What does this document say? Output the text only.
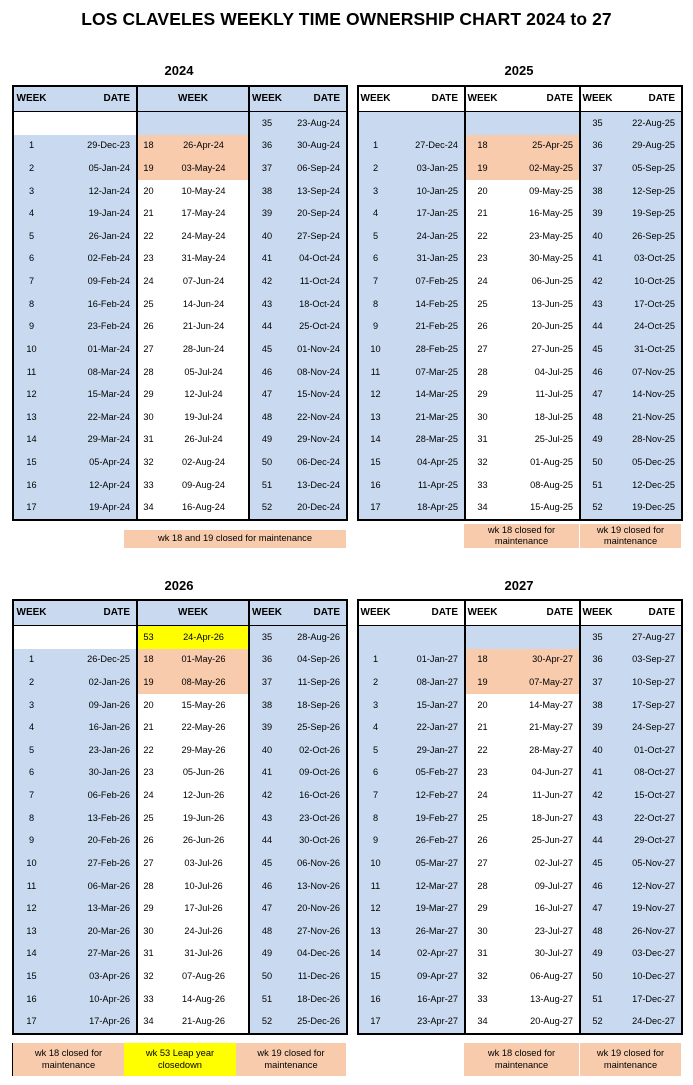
LOS CLAVELES WEEKLY TIME OWNERSHIP CHART 2024 to 27
2024
WEEK	DATE	WEEK		WEEK	DATE
				35	23-Aug-24
1	29-Dec-23	18	26-Apr-24	36	30-Aug-24
2	05-Jan-24	19	03-May-24	37	06-Sep-24
3	12-Jan-24	20	10-May-24	38	13-Sep-24
4	19-Jan-24	21	17-May-24	39	20-Sep-24
5	26-Jan-24	22	24-May-24	40	27-Sep-24
6	02-Feb-24	23	31-May-24	41	04-Oct-24
7	09-Feb-24	24	07-Jun-24	42	11-Oct-24
8	16-Feb-24	25	14-Jun-24	43	18-Oct-24
9	23-Feb-24	26	21-Jun-24	44	25-Oct-24
10	01-Mar-24	27	28-Jun-24	45	01-Nov-24
11	08-Mar-24	28	05-Jul-24	46	08-Nov-24
12	15-Mar-24	29	12-Jul-24	47	15-Nov-24
13	22-Mar-24	30	19-Jul-24	48	22-Nov-24
14	29-Mar-24	31	26-Jul-24	49	29-Nov-24
15	05-Apr-24	32	02-Aug-24	50	06-Dec-24
16	12-Apr-24	33	09-Aug-24	51	13-Dec-24
17	19-Apr-24	34	16-Aug-24	52	20-Dec-24
wk 18 and 19 closed for maintenance
2025
WEEK	DATE	WEEK	DATE	WEEK	DATE
				35	22-Aug-25
1	27-Dec-24	18	25-Apr-25	36	29-Aug-25
2	03-Jan-25	19	02-May-25	37	05-Sep-25
3	10-Jan-25	20	09-May-25	38	12-Sep-25
4	17-Jan-25	21	16-May-25	39	19-Sep-25
5	24-Jan-25	22	23-May-25	40	26-Sep-25
6	31-Jan-25	23	30-May-25	41	03-Oct-25
7	07-Feb-25	24	06-Jun-25	42	10-Oct-25
8	14-Feb-25	25	13-Jun-25	43	17-Oct-25
9	21-Feb-25	26	20-Jun-25	44	24-Oct-25
10	28-Feb-25	27	27-Jun-25	45	31-Oct-25
11	07-Mar-25	28	04-Jul-25	46	07-Nov-25
12	14-Mar-25	29	11-Jul-25	47	14-Nov-25
13	21-Mar-25	30	18-Jul-25	48	21-Nov-25
14	28-Mar-25	31	25-Jul-25	49	28-Nov-25
15	04-Apr-25	32	01-Aug-25	50	05-Dec-25
16	11-Apr-25	33	08-Aug-25	51	12-Dec-25
17	18-Apr-25	34	15-Aug-25	52	19-Dec-25
wk 18 closed for maintenance
wk 19 closed for maintenance
2026
WEEK	DATE	WEEK		WEEK	DATE
		53	24-Apr-26	35	28-Aug-26
1	26-Dec-25	18	01-May-26	36	04-Sep-26
2	02-Jan-26	19	08-May-26	37	11-Sep-26
3	09-Jan-26	20	15-May-26	38	18-Sep-26
4	16-Jan-26	21	22-May-26	39	25-Sep-26
5	23-Jan-26	22	29-May-26	40	02-Oct-26
6	30-Jan-26	23	05-Jun-26	41	09-Oct-26
7	06-Feb-26	24	12-Jun-26	42	16-Oct-26
8	13-Feb-26	25	19-Jun-26	43	23-Oct-26
9	20-Feb-26	26	26-Jun-26	44	30-Oct-26
10	27-Feb-26	27	03-Jul-26	45	06-Nov-26
11	06-Mar-26	28	10-Jul-26	46	13-Nov-26
12	13-Mar-26	29	17-Jul-26	47	20-Nov-26
13	20-Mar-26	30	24-Jul-26	48	27-Nov-26
14	27-Mar-26	31	31-Jul-26	49	04-Dec-26
15	03-Apr-26	32	07-Aug-26	50	11-Dec-26
16	10-Apr-26	33	14-Aug-26	51	18-Dec-26
17	17-Apr-26	34	21-Aug-26	52	25-Dec-26
wk 18 closed for maintenance
wk 53 Leap year closedown
wk 19 closed for maintenance
2027
WEEK	DATE	WEEK	DATE	WEEK	DATE
				35	27-Aug-27
1	01-Jan-27	18	30-Apr-27	36	03-Sep-27
2	08-Jan-27	19	07-May-27	37	10-Sep-27
3	15-Jan-27	20	14-May-27	38	17-Sep-27
4	22-Jan-27	21	21-May-27	39	24-Sep-27
5	29-Jan-27	22	28-May-27	40	01-Oct-27
6	05-Feb-27	23	04-Jun-27	41	08-Oct-27
7	12-Feb-27	24	11-Jun-27	42	15-Oct-27
8	19-Feb-27	25	18-Jun-27	43	22-Oct-27
9	26-Feb-27	26	25-Jun-27	44	29-Oct-27
10	05-Mar-27	27	02-Jul-27	45	05-Nov-27
11	12-Mar-27	28	09-Jul-27	46	12-Nov-27
12	19-Mar-27	29	16-Jul-27	47	19-Nov-27
13	26-Mar-27	30	23-Jul-27	48	26-Nov-27
14	02-Apr-27	31	30-Jul-27	49	03-Dec-27
15	09-Apr-27	32	06-Aug-27	50	10-Dec-27
16	16-Apr-27	33	13-Aug-27	51	17-Dec-27
17	23-Apr-27	34	20-Aug-27	52	24-Dec-27
wk 18 closed for maintenance
wk 19 closed for maintenance
